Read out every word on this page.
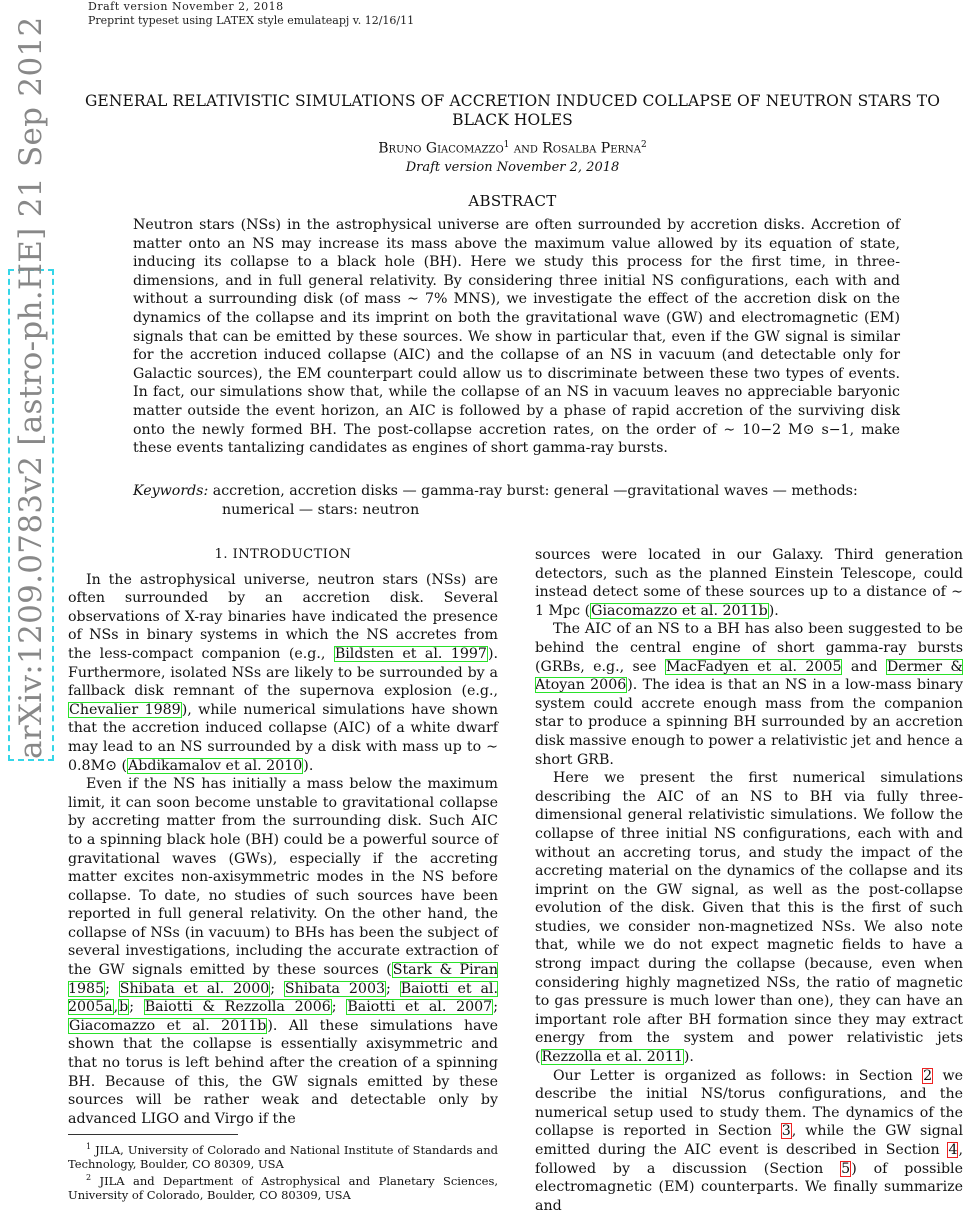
Draft version November 2, 2018
Preprint typeset using LATEX style emulateapj v. 12/16/11
arXiv:1209.0783v2 [astro-ph.HE] 21 Sep 2012	GENERAL RELATIVISTIC SIMULATIONS OF ACCRETION INDUCED COLLAPSE OF NEUTRON STARS TO BLACK HOLES
Bruno Giacomazzo$^1$ and Rosalba Perna$^2$
Draft version November 2, 2018
ABSTRACT
Neutron stars (NSs) in the astrophysical universe are often surrounded by accretion disks. Accretion of matter onto an NS may increase its mass above the maximum value allowed by its equation of state, inducing its collapse to a black hole (BH). Here we study this process for the first time, in three-dimensions, and in full general relativity. By considering three initial NS configurations, each with and without a surrounding disk (of mass ∼ 7% MNS), we investigate the effect of the accretion disk on the dynamics of the collapse and its imprint on both the gravitational wave (GW) and electromagnetic (EM) signals that can be emitted by these sources. We show in particular that, even if the GW signal is similar for the accretion induced collapse (AIC) and the collapse of an NS in vacuum (and detectable only for Galactic sources), the EM counterpart could allow us to discriminate between these two types of events. In fact, our simulations show that, while the collapse of an NS in vacuum leaves no appreciable baryonic matter outside the event horizon, an AIC is followed by a phase of rapid accretion of the surviving disk onto the newly formed BH. The post-collapse accretion rates, on the order of ∼ 10−2 M⊙ s−1, make these events tantalizing candidates as engines of short gamma-ray bursts.
Keywords: accretion, accretion disks — gamma-ray burst: general —gravitational waves — methods:
numerical — stars: neutron
1. INTRODUCTION

In the astrophysical universe, neutron stars (NSs) are often surrounded by an accretion disk. Several observations of X-ray binaries have indicated the presence of NSs in binary systems in which the NS accretes from the less-compact companion (e.g., Bildsten et al. 1997). Furthermore, isolated NSs are likely to be surrounded by a fallback disk remnant of the supernova explosion (e.g., Chevalier 1989), while numerical simulations have shown that the accretion induced collapse (AIC) of a white dwarf may lead to an NS surrounded by a disk with mass up to ∼ 0.8M⊙ (Abdikamalov et al. 2010).

Even if the NS has initially a mass below the maximum limit, it can soon become unstable to gravitational collapse by accreting matter from the surrounding disk. Such AIC to a spinning black hole (BH) could be a powerful source of gravitational waves (GWs), especially if the accreting matter excites non-axisymmetric modes in the NS before collapse. To date, no studies of such sources have been reported in full general relativity. On the other hand, the collapse of NSs (in vacuum) to BHs has been the subject of several investigations, including the accurate extraction of the GW signals emitted by these sources (Stark & Piran 1985; Shibata et al. 2000; Shibata 2003; Baiotti et al. 2005a,b; Baiotti & Rezzolla 2006; Baiotti et al. 2007; Giacomazzo et al. 2011b). All these simulations have shown that the collapse is essentially axisymmetric and that no torus is left behind after the creation of a spinning BH. Because of this, the GW signals emitted by these sources will be rather weak and detectable only by advanced LIGO and Virgo if the

$^1$ JILA, University of Colorado and National Institute of Standards and Technology, Boulder, CO 80309, USA

$^2$ JILA and Department of Astrophysical and Planetary Sciences, University of Colorado, Boulder, CO 80309, USA

sources were located in our Galaxy. Third generation detectors, such as the planned Einstein Telescope, could instead detect some of these sources up to a distance of ∼ 1 Mpc (Giacomazzo et al. 2011b).

The AIC of an NS to a BH has also been suggested to be behind the central engine of short gamma-ray bursts (GRBs, e.g., see MacFadyen et al. 2005 and Dermer & Atoyan 2006). The idea is that an NS in a low-mass binary system could accrete enough mass from the companion star to produce a spinning BH surrounded by an accretion disk massive enough to power a relativistic jet and hence a short GRB.

Here we present the first numerical simulations describing the AIC of an NS to BH via fully three-dimensional general relativistic simulations. We follow the collapse of three initial NS configurations, each with and without an accreting torus, and study the impact of the accreting material on the dynamics of the collapse and its imprint on the GW signal, as well as the post-collapse evolution of the disk. Given that this is the first of such studies, we consider non-magnetized NSs. We also note that, while we do not expect magnetic fields to have a strong impact during the collapse (because, even when considering highly magnetized NSs, the ratio of magnetic to gas pressure is much lower than one), they can have an important role after BH formation since they may extract energy from the system and power relativistic jets (Rezzolla et al. 2011).

Our Letter is organized as follows: in Section 2 we describe the initial NS/torus configurations, and the numerical setup used to study them. The dynamics of the collapse is reported in Section 3, while the GW signal emitted during the AIC event is described in Section 4, followed by a discussion (Section 5) of possible electromagnetic (EM) counterparts. We finally summarize and
